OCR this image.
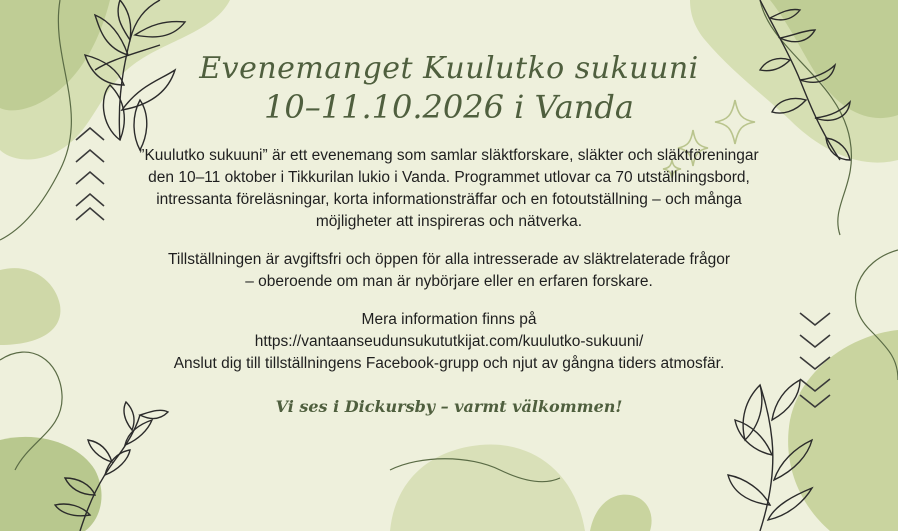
Evenemanget Kuulutko sukuuni
10–11.10.2026 i Vanda

”Kuulutko sukuuni” är ett evenemang som samlar släktforskare, släkter och släktföreningar
den 10–11 oktober i Tikkurilan lukio i Vanda. Programmet utlovar ca 70 utställningsbord,
intressanta föreläsningar, korta informationsträffar och en fotoutställning – och många
möjligheter att inspireras och nätverka.

Tillställningen är avgiftsfri och öppen för alla intresserade av släktrelaterade frågor
– oberoende om man är nybörjare eller en erfaren forskare.

Mera information finns på
https://vantaanseudunsukututkijat.com/kuulutko-sukuuni/
Anslut dig till tillställningens Facebook-grupp och njut av gångna tiders atmosfär.

Vi ses i Dickursby – varmt välkommen!
